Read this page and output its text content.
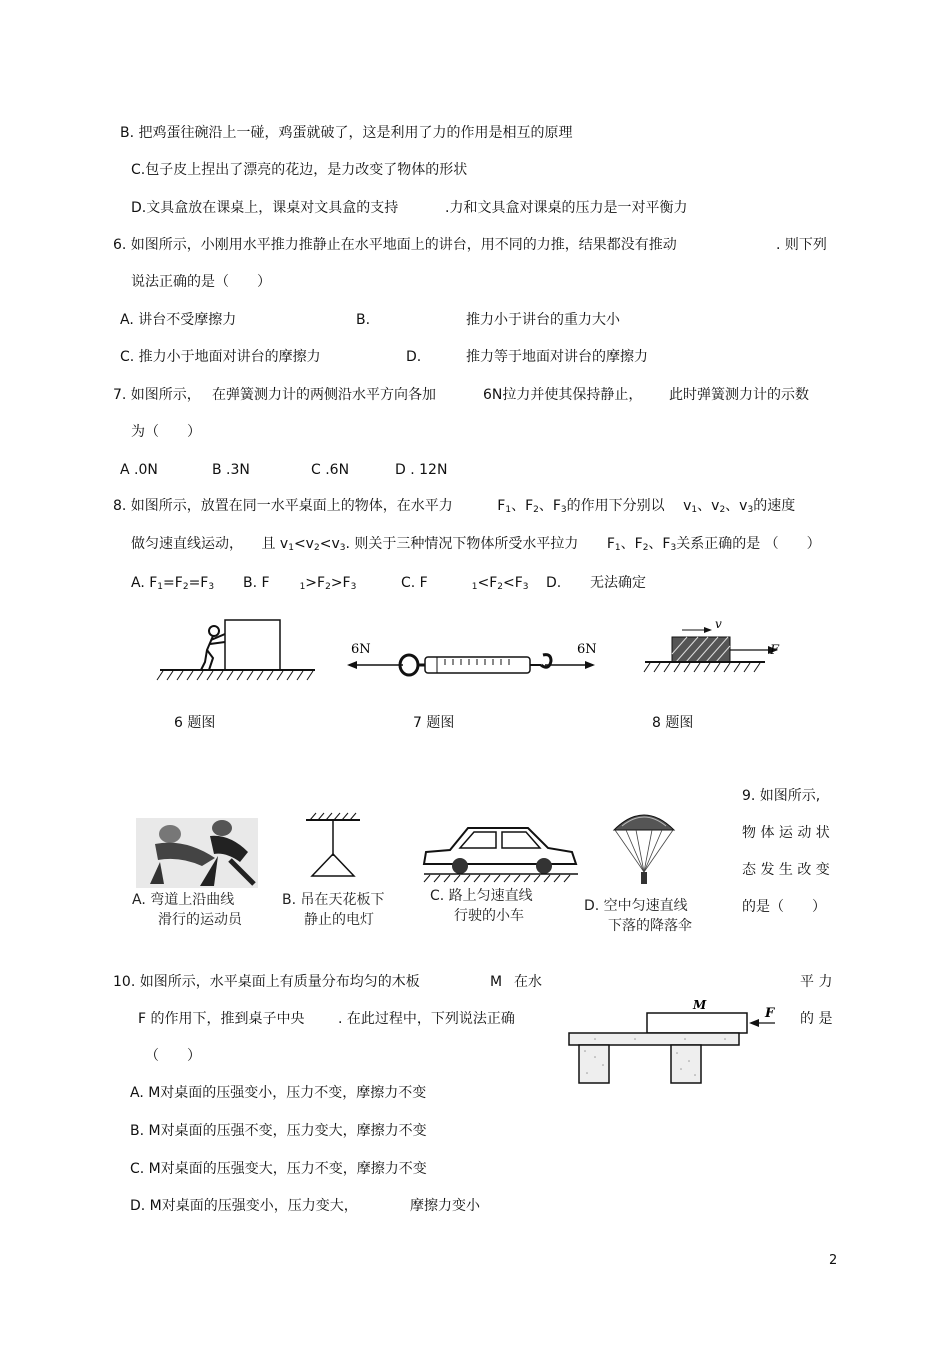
B. 把鸡蛋往碗沿上一碰，鸡蛋就破了，这是利用了力的作用是相互的原理
C.包子皮上捏出了漂亮的花边，是力改变了物体的形状
D.文具盒放在课桌上，课桌对文具盒的支持	.力和文具盒对课桌的压力是一对平衡力
6. 如图所示，小刚用水平推力推静止在水平地面上的讲台，用不同的力推，结果都没有推动	. 则下列
说法正确的是（　　）
A. 讲台不受摩擦力	B.	推力小于讲台的重力大小
C. 推力小于地面对讲台的摩擦力	D.	推力等于地面对讲台的摩擦力
7. 如图所示， 在弹簧测力计的两侧沿水平方向各加	6N拉力并使其保持静止， 此时弹簧测力计的示数
为（　　）
A .0N	B .3N	C .6N	D . 12N
8. 如图所示，放置在同一水平桌面上的物体，在水平力	$F_1$、$F_2$、$F_3$的作用下分别以 $v_1$、$v_2$、$v_3$的速度
做匀速直线运动， 且 $v_1<v_2<v_3$. 则关于三种情况下物体所受水平拉力 $F_1$、$F_2$、$F_3$关系正确的是 （　　）
A. $F_1=F_2=F_3$ B. F	$_1>F_2>F_3$	C. F	$_1<F_2<F_3$ D. 无法确定
6 题图
6N	6N
7 题图
v
F
8 题图
A. 弯道上沿曲线
滑行的运动员
B. 吊在天花板下
静止的电灯
C. 路上匀速直线
行驶的小车
D. 空中匀速直线
下落的降落伞
9. 如图所示,
物 体 运 动 状
态 发 生 改 变
的是（　　）
10. 如图所示，水平桌面上有质量分布均匀的木板	M 在水	平 力
F 的作用下，推到桌子中央 . 在此过程中，下列说法正确	的 是
（　　）
A. M对桌面的压强变小，压力不变，摩擦力不变
B. M对桌面的压强不变，压力变大，摩擦力不变
C. M对桌面的压强变大，压力不变，摩擦力不变
D. M对桌面的压强变小，压力变大，	摩擦力变小
M
F
2
